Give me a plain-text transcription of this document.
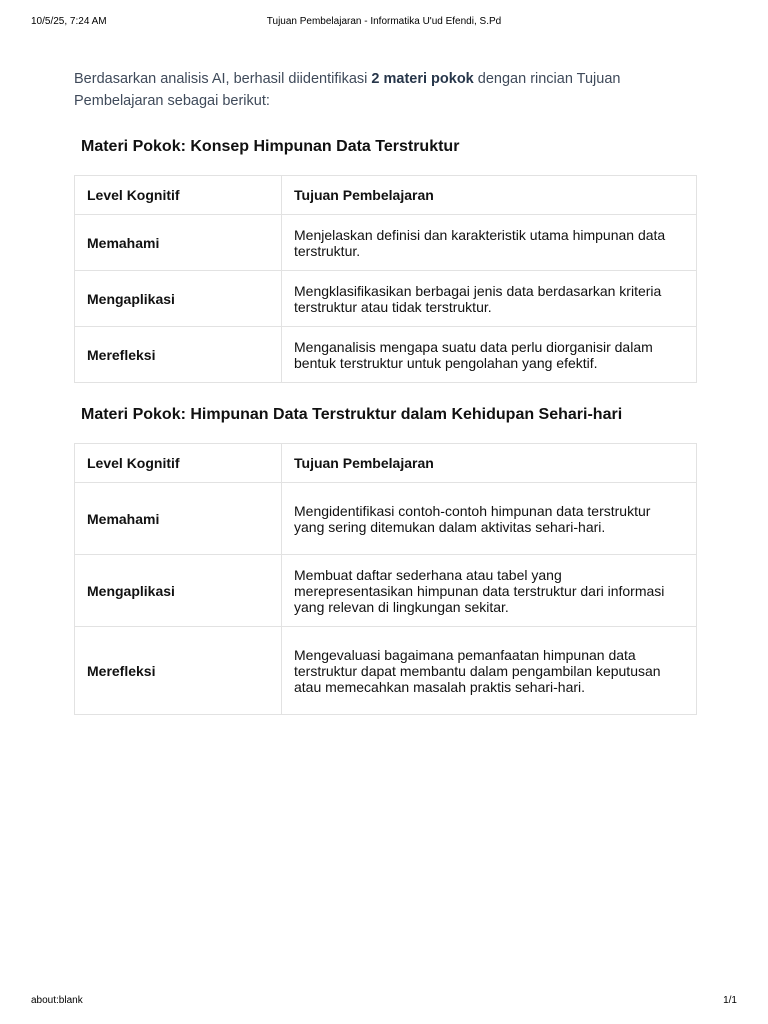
10/5/25, 7:24 AM	Tujuan Pembelajaran - Informatika U'ud Efendi, S.Pd

Berdasarkan analisis AI, berhasil diidentifikasi 2 materi pokok dengan rincian Tujuan Pembelajaran sebagai berikut:

Materi Pokok: Konsep Himpunan Data Terstruktur
Level Kognitif	Tujuan Pembelajaran
Memahami	Menjelaskan definisi dan karakteristik utama himpunan data terstruktur.
Mengaplikasi	Mengklasifikasikan berbagai jenis data berdasarkan kriteria terstruktur atau tidak terstruktur.
Merefleksi	Menganalisis mengapa suatu data perlu diorganisir dalam bentuk terstruktur untuk pengolahan yang efektif.
Materi Pokok: Himpunan Data Terstruktur dalam Kehidupan Sehari-hari
Level Kognitif	Tujuan Pembelajaran
Memahami	Mengidentifikasi contoh-contoh himpunan data terstruktur yang sering ditemukan dalam aktivitas sehari-hari.
Mengaplikasi	Membuat daftar sederhana atau tabel yang merepresentasikan himpunan data terstruktur dari informasi yang relevan di lingkungan sekitar.
Merefleksi	Mengevaluasi bagaimana pemanfaatan himpunan data terstruktur dapat membantu dalam pengambilan keputusan atau memecahkan masalah praktis sehari-hari.
about:blank	1/1
